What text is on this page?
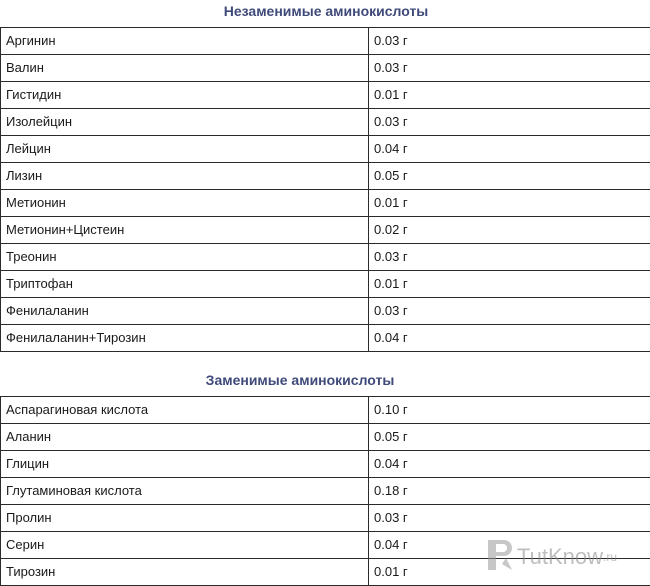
Незаменимые аминокислоты
Аргинин	0.03 г
Валин	0.03 г
Гистидин	0.01 г
Изолейцин	0.03 г
Лейцин	0.04 г
Лизин	0.05 г
Метионин	0.01 г
Метионин+Цистеин	0.02 г
Треонин	0.03 г
Триптофан	0.01 г
Фенилаланин	0.03 г
Фенилаланин+Тирозин	0.04 г
Заменимые аминокислоты
Аспарагиновая кислота	0.10 г
Аланин	0.05 г
Глицин	0.04 г
Глутаминовая кислота	0.18 г
Пролин	0.03 г
Серин	0.04 г
Тирозин	0.01 г
TutKnow .ru
